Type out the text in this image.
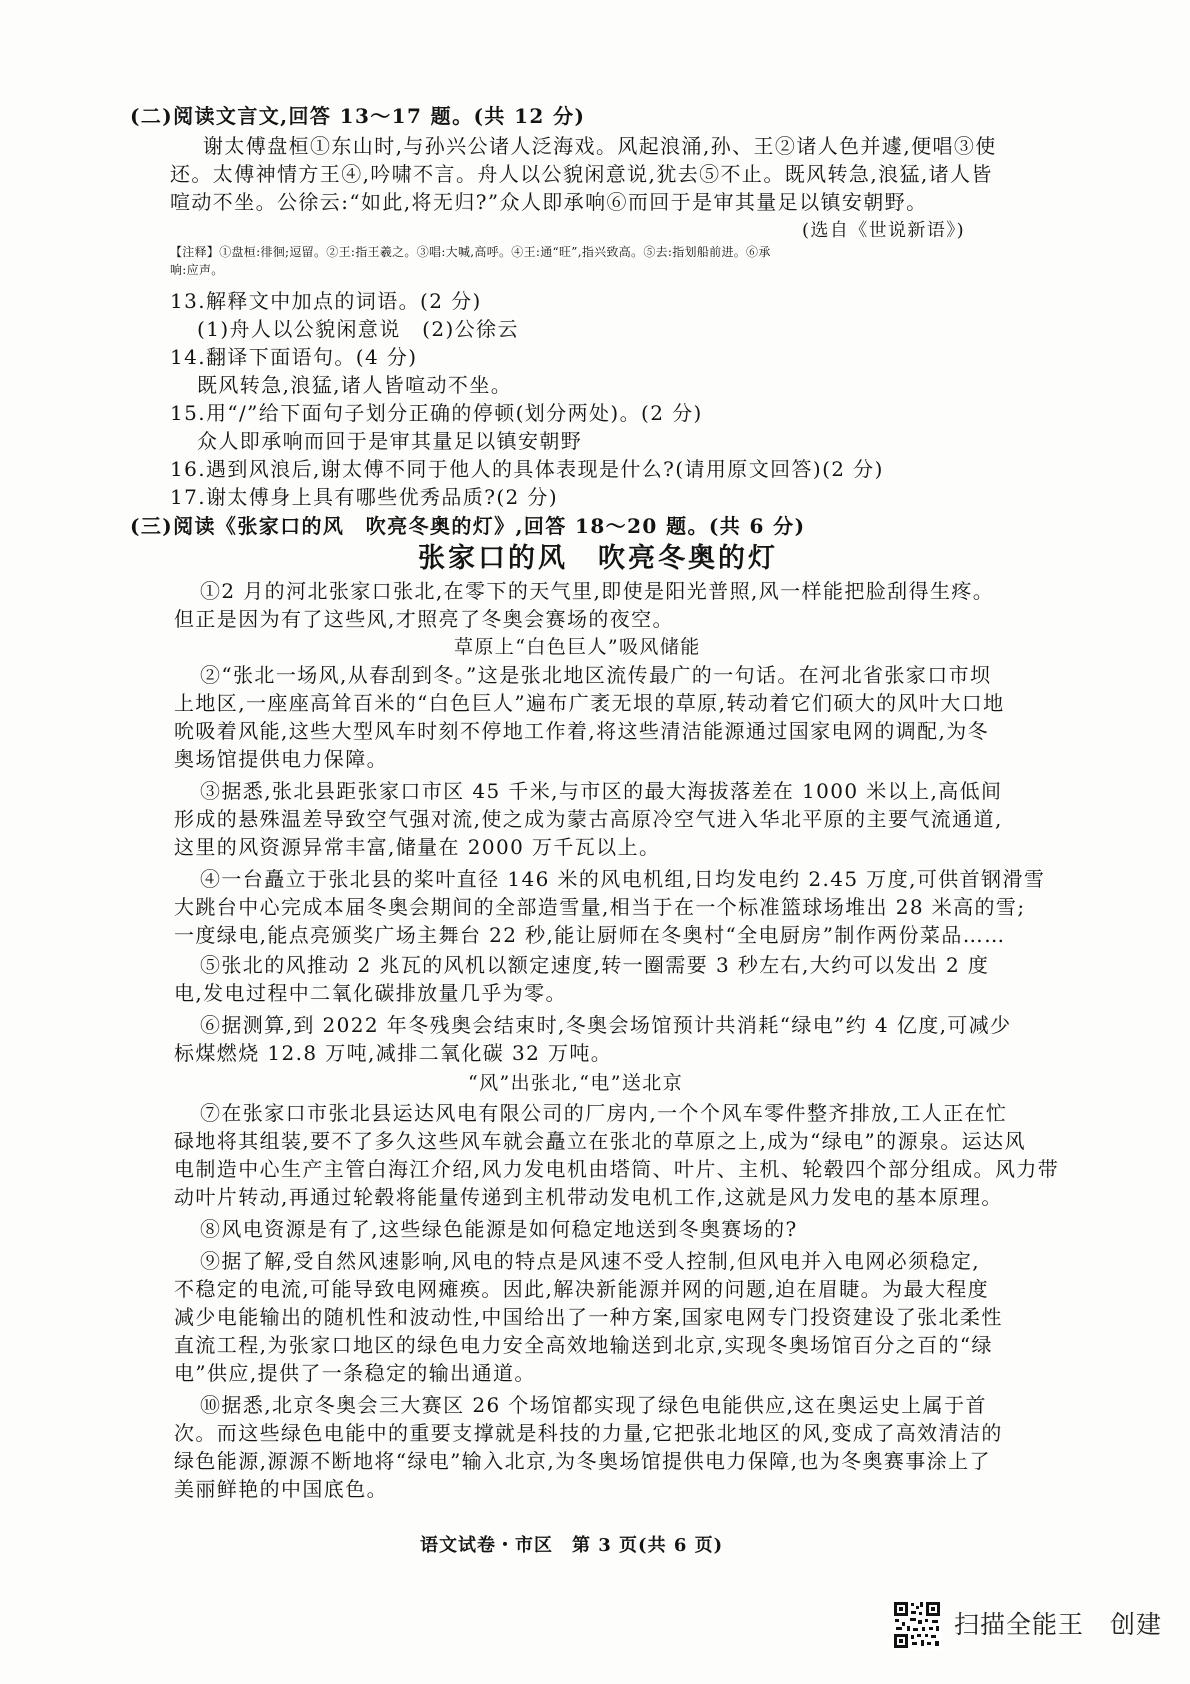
(二)阅读文言文,回答 13～17 题。(共 12 分)
谢太傅盘桓①东山时,与孙兴公诸人泛海戏。风起浪涌,孙、王②诸人色并遽,便唱③使
还。太傅神情方王④,吟啸不言。舟人以公貌闲意说,犹去⑤不止。既风转急,浪猛,诸人皆
喧动不坐。公徐云:“如此,将无归?”众人即承响⑥而回于是审其量足以镇安朝野。
(选自《世说新语》)
【注释】①盘桓:徘徊;逗留。②王:指王羲之。③唱:大喊,高呼。④王:通“旺”,指兴致高。⑤去:指划船前进。⑥承
响:应声。
13.解释文中加点的词语。(2 分)
(1)舟人以公貌闲意说　(2)公徐云
14.翻译下面语句。(4 分)
既风转急,浪猛,诸人皆喧动不坐。
15.用“/”给下面句子划分正确的停顿(划分两处)。(2 分)
众人即承响而回于是审其量足以镇安朝野
16.遇到风浪后,谢太傅不同于他人的具体表现是什么?(请用原文回答)(2 分)
17.谢太傅身上具有哪些优秀品质?(2 分)
(三)阅读《张家口的风　吹亮冬奥的灯》,回答 18～20 题。(共 6 分)
张家口的风　吹亮冬奥的灯
①2 月的河北张家口张北,在零下的天气里,即使是阳光普照,风一样能把脸刮得生疼。
但正是因为有了这些风,才照亮了冬奥会赛场的夜空。
草原上“白色巨人”吸风储能
②“张北一场风,从春刮到冬。”这是张北地区流传最广的一句话。在河北省张家口市坝
上地区,一座座高耸百米的“白色巨人”遍布广袤无垠的草原,转动着它们硕大的风叶大口地
吮吸着风能,这些大型风车时刻不停地工作着,将这些清洁能源通过国家电网的调配,为冬
奥场馆提供电力保障。
③据悉,张北县距张家口市区 45 千米,与市区的最大海拔落差在 1000 米以上,高低间
形成的悬殊温差导致空气强对流,使之成为蒙古高原冷空气进入华北平原的主要气流通道,
这里的风资源异常丰富,储量在 2000 万千瓦以上。
④一台矗立于张北县的桨叶直径 146 米的风电机组,日均发电约 2.45 万度,可供首钢滑雪
大跳台中心完成本届冬奥会期间的全部造雪量,相当于在一个标准篮球场堆出 28 米高的雪;
一度绿电,能点亮颁奖广场主舞台 22 秒,能让厨师在冬奥村“全电厨房”制作两份菜品……
⑤张北的风推动 2 兆瓦的风机以额定速度,转一圈需要 3 秒左右,大约可以发出 2 度
电,发电过程中二氧化碳排放量几乎为零。
⑥据测算,到 2022 年冬残奥会结束时,冬奥会场馆预计共消耗“绿电”约 4 亿度,可减少
标煤燃烧 12.8 万吨,减排二氧化碳 32 万吨。
“风”出张北,“电”送北京
⑦在张家口市张北县运达风电有限公司的厂房内,一个个风车零件整齐排放,工人正在忙
碌地将其组装,要不了多久这些风车就会矗立在张北的草原之上,成为“绿电”的源泉。运达风
电制造中心生产主管白海江介绍,风力发电机由塔筒、叶片、主机、轮毂四个部分组成。风力带
动叶片转动,再通过轮毂将能量传递到主机带动发电机工作,这就是风力发电的基本原理。
⑧风电资源是有了,这些绿色能源是如何稳定地送到冬奥赛场的?
⑨据了解,受自然风速影响,风电的特点是风速不受人控制,但风电并入电网必须稳定,
不稳定的电流,可能导致电网瘫痪。因此,解决新能源并网的问题,迫在眉睫。为最大程度
减少电能输出的随机性和波动性,中国给出了一种方案,国家电网专门投资建设了张北柔性
直流工程,为张家口地区的绿色电力安全高效地输送到北京,实现冬奥场馆百分之百的“绿
电”供应,提供了一条稳定的输出通道。
⑩据悉,北京冬奥会三大赛区 26 个场馆都实现了绿色电能供应,这在奥运史上属于首
次。而这些绿色电能中的重要支撑就是科技的力量,它把张北地区的风,变成了高效清洁的
绿色能源,源源不断地将“绿电”输入北京,为冬奥场馆提供电力保障,也为冬奥赛事涂上了
美丽鲜艳的中国底色。
语文试卷・市区　第 3 页(共 6 页)
扫描全能王　创建
